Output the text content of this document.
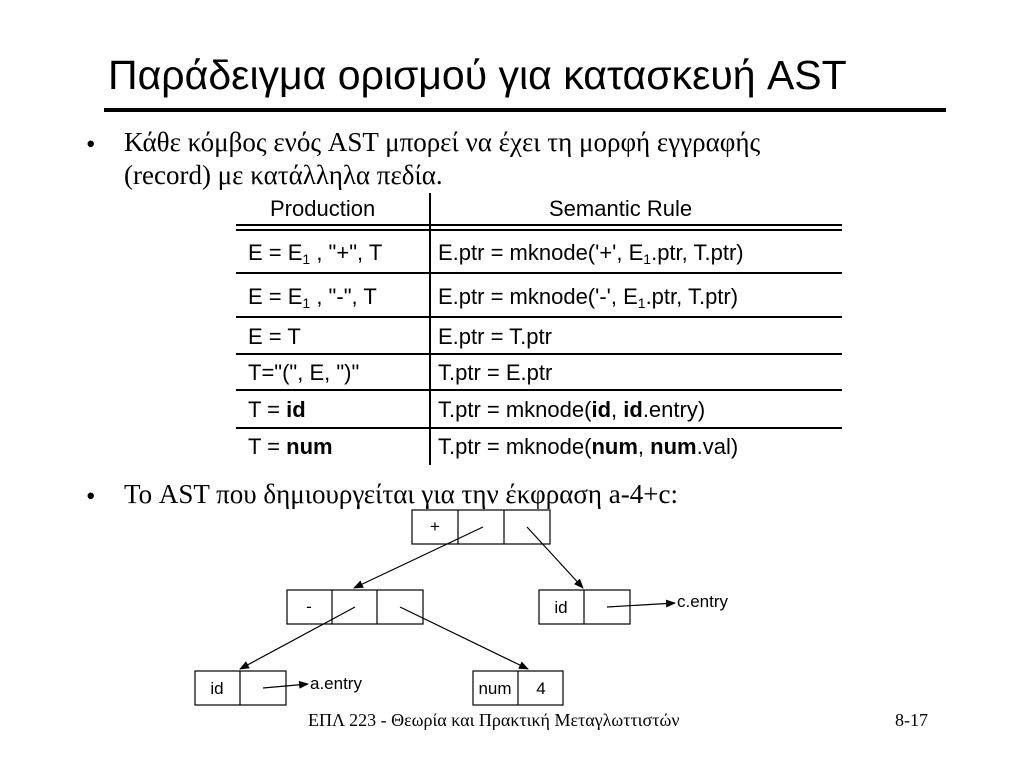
Παράδειγμα ορισμού για κατασκευή AST
• Κάθε κόμβος ενός AST μπορεί να έχει τη μορφή εγγραφής
(record) με κατάλληλα πεδία.
Production	Semantic Rule
$E = E_1$ , "+", T	E.ptr = mknode('+', $E_1.ptr$, T.ptr)
$E = E_1$ , "-", T	E.ptr = mknode('-', $E_1.ptr$, T.ptr)
E = T	E.ptr = T.ptr
T="(", E, ")"	T.ptr = E.ptr
T = id	T.ptr = mknode(id, id.entry)
T = num	T.ptr = mknode(num, num.val)
• Το AST που δημιουργείται για την έκφραση a-4+c:
+
-	id
id	num 4
c.entry
a.entry
ΕΠΛ 223 - Θεωρία και Πρακτική Μεταγλωττιστών	8-17
